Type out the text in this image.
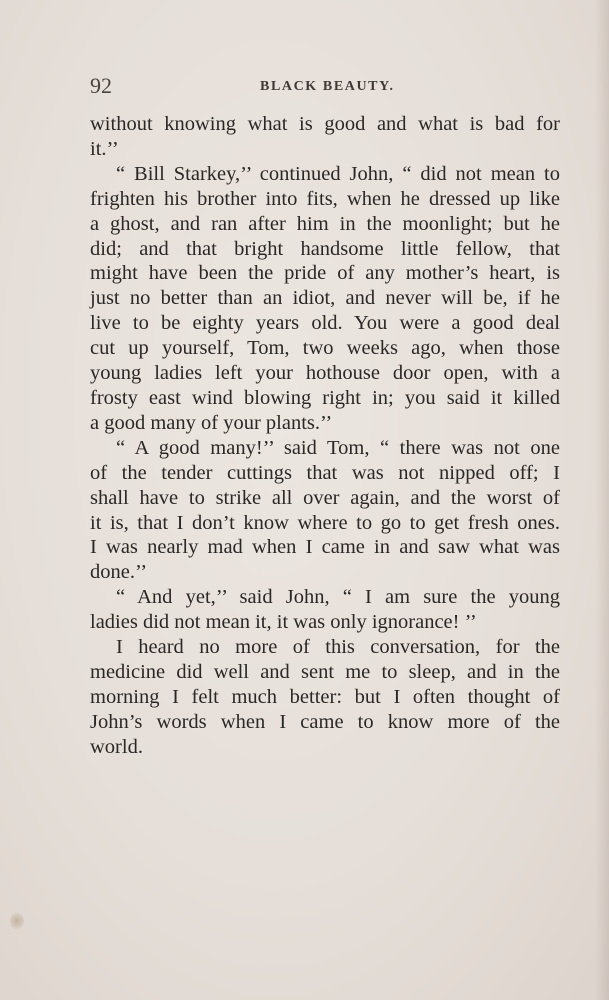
92	BLACK BEAUTY.
without knowing what is good and what is bad for
it.’’
“ Bill Starkey,’’ continued John, “ did not mean to
frighten his brother into fits, when he dressed up like
a ghost, and ran after him in the moonlight; but he
did; and that bright handsome little fellow, that
might have been the pride of any mother’s heart, is
just no better than an idiot, and never will be, if he
live to be eighty years old. You were a good deal
cut up yourself, Tom, two weeks ago, when those
young ladies left your hothouse door open, with a
frosty east wind blowing right in; you said it killed
a good many of your plants.’’
“ A good many!’’ said Tom, “ there was not one
of the tender cuttings that was not nipped off; I
shall have to strike all over again, and the worst of
it is, that I don’t know where to go to get fresh ones.
I was nearly mad when I came in and saw what was
done.’’
“ And yet,’’ said John, “ I am sure the young
ladies did not mean it, it was only ignorance! ’’
I heard no more of this conversation, for the
medicine did well and sent me to sleep, and in the
morning I felt much better: but I often thought of
John’s words when I came to know more of the
world.
